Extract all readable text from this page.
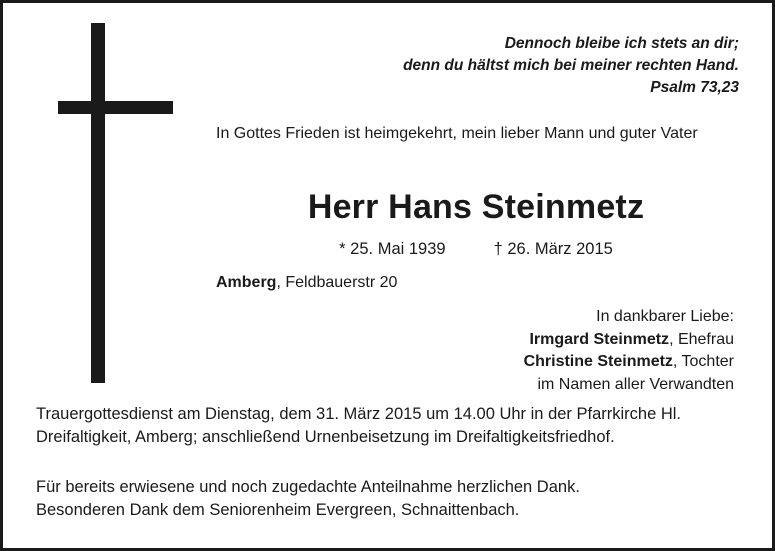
Dennoch bleibe ich stets an dir;
denn du hältst mich bei meiner rechten Hand.
Psalm 73,23
In Gottes Frieden ist heimgekehrt, mein lieber Mann und guter Vater
Herr Hans Steinmetz
* 25. Mai 1939	† 26. März 2015
Amberg, Feldbauerstr 20
In dankbarer Liebe:
Irmgard Steinmetz, Ehefrau
Christine Steinmetz, Tochter
im Namen aller Verwandten
Trauergottesdienst am Dienstag, dem 31. März 2015 um 14.00 Uhr in der Pfarrkirche Hl. Dreifaltigkeit, Amberg; anschließend Urnenbeisetzung im Dreifaltigkeitsfriedhof.
Für bereits erwiesene und noch zugedachte Anteilnahme herzlichen Dank.
Besonderen Dank dem Seniorenheim Evergreen, Schnaittenbach.
